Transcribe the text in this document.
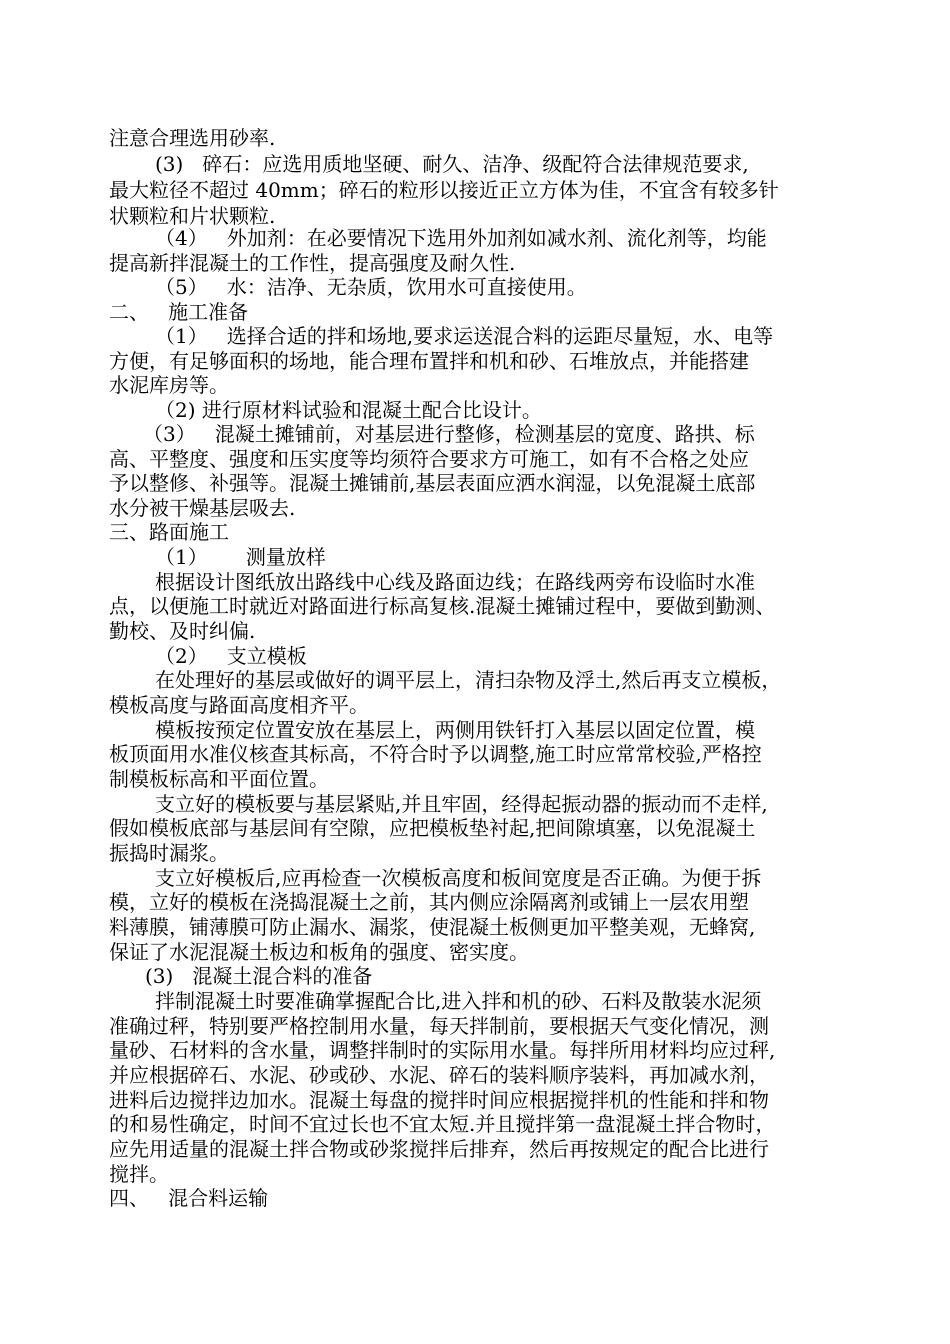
注意合理选用砂率.
(3)   碎石：应选用质地坚硬、耐久、洁净、级配符合法律规范要求,
最大粒径不超过 40mm；碎石的粒形以接近正立方体为佳，不宜含有较多针
状颗粒和片状颗粒.
（4）   外加剂：在必要情况下选用外加剂如减水剂、流化剂等，均能
提高新拌混凝土的工作性，提高强度及耐久性.
（5）   水：洁净、无杂质，饮用水可直接使用。
二、   施工准备
（1）   选择合适的拌和场地,要求运送混合料的运距尽量短，水、电等
方便，有足够面积的场地，能合理布置拌和机和砂、石堆放点，并能搭建
水泥库房等。
（2) 进行原材料试验和混凝土配合比设计。
（3）   混凝土摊铺前，对基层进行整修，检测基层的宽度、路拱、标
高、平整度、强度和压实度等均须符合要求方可施工，如有不合格之处应
予以整修、补强等。混凝土摊铺前,基层表面应洒水润湿，以免混凝土底部
水分被干燥基层吸去.
三、路面施工
（1）      测量放样
根据设计图纸放出路线中心线及路面边线；在路线两旁布设临时水准
点，以便施工时就近对路面进行标高复核.混凝土摊铺过程中，要做到勤测、
勤校、及时纠偏.
（2）   支立模板
在处理好的基层或做好的调平层上，清扫杂物及浮土,然后再支立模板，
模板高度与路面高度相齐平。
模板按预定位置安放在基层上，两侧用铁钎打入基层以固定位置，模
板顶面用水准仪核查其标高，不符合时予以调整,施工时应常常校验,严格控
制模板标高和平面位置。
支立好的模板要与基层紧贴,并且牢固，经得起振动器的振动而不走样,
假如模板底部与基层间有空隙，应把模板垫衬起,把间隙填塞，以免混凝土
振捣时漏浆。
支立好模板后,应再检查一次模板高度和板间宽度是否正确。为便于拆
模，立好的模板在浇捣混凝土之前，其内侧应涂隔离剂或铺上一层农用塑
料薄膜，铺薄膜可防止漏水、漏浆，使混凝土板侧更加平整美观，无蜂窝,
保证了水泥混凝土板边和板角的强度、密实度。
(3)   混凝土混合料的准备
拌制混凝土时要准确掌握配合比,进入拌和机的砂、石料及散装水泥须
准确过秤，特别要严格控制用水量，每天拌制前，要根据天气变化情况，测
量砂、石材料的含水量，调整拌制时的实际用水量。每拌所用材料均应过秤,
并应根据碎石、水泥、砂或砂、水泥、碎石的装料顺序装料，再加减水剂，
进料后边搅拌边加水。混凝土每盘的搅拌时间应根据搅拌机的性能和拌和物
的和易性确定，时间不宜过长也不宜太短.并且搅拌第一盘混凝土拌合物时，
应先用适量的混凝土拌合物或砂浆搅拌后排弃，然后再按规定的配合比进行
搅拌。
四、   混合料运输
